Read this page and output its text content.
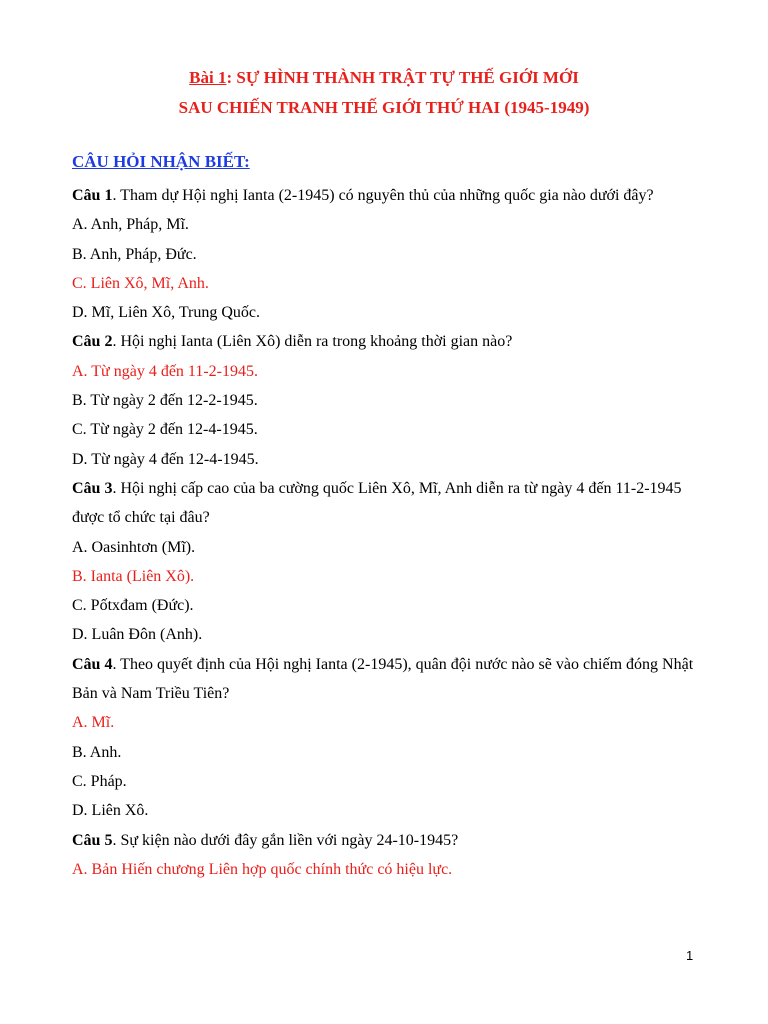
Bài 1: SỰ HÌNH THÀNH TRẬT TỰ THẾ GIỚI MỚI
SAU CHIẾN TRANH THẾ GIỚI THỨ HAI (1945-1949)
CÂU HỎI NHẬN BIẾT:

Câu 1. Tham dự Hội nghị Ianta (2-1945) có nguyên thủ của những quốc gia nào dưới đây?

A. Anh, Pháp, Mĩ.

B. Anh, Pháp, Đức.

C. Liên Xô, Mĩ, Anh.

D. Mĩ, Liên Xô, Trung Quốc.

Câu 2. Hội nghị Ianta (Liên Xô) diễn ra trong khoảng thời gian nào?

A. Từ ngày 4 đến 11-2-1945.

B. Từ ngày 2 đến 12-2-1945.

C. Từ ngày 2 đến 12-4-1945.

D. Từ ngày 4 đến 12-4-1945.

Câu 3. Hội nghị cấp cao của ba cường quốc Liên Xô, Mĩ, Anh diễn ra từ ngày 4 đến 11-2-1945 được tổ chức tại đâu?

A. Oasinhtơn (Mĩ).

B. Ianta (Liên Xô).

C. Pốtxđam (Đức).

D. Luân Đôn (Anh).

Câu 4. Theo quyết định của Hội nghị Ianta (2-1945), quân đội nước nào sẽ vào chiếm đóng Nhật Bản và Nam Triều Tiên?

A. Mĩ.

B. Anh.

C. Pháp.

D. Liên Xô.

Câu 5. Sự kiện nào dưới đây gắn liền với ngày 24-10-1945?

A. Bản Hiến chương Liên hợp quốc chính thức có hiệu lực.

1
